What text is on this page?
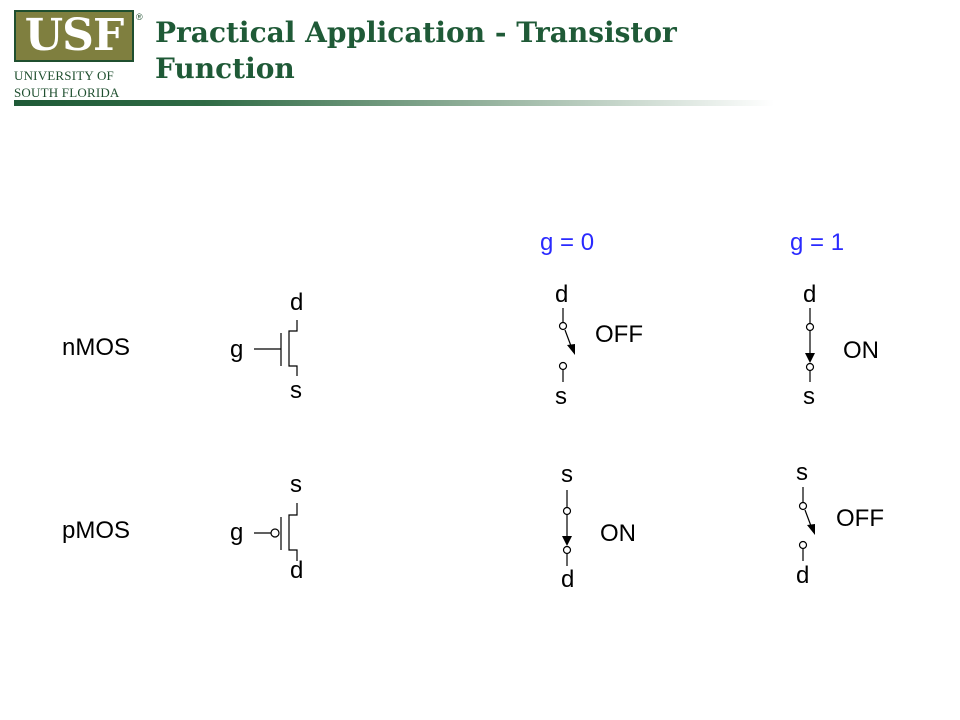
USF	®
UNIVERSITY OF
SOUTH FLORIDA
Practical Application - Transistor Function
g = 0	g = 1
nMOS
pMOS
d
g
s
s
g
d
d
s
OFF
d
s
ON
s
d
ON
s
d
OFF
